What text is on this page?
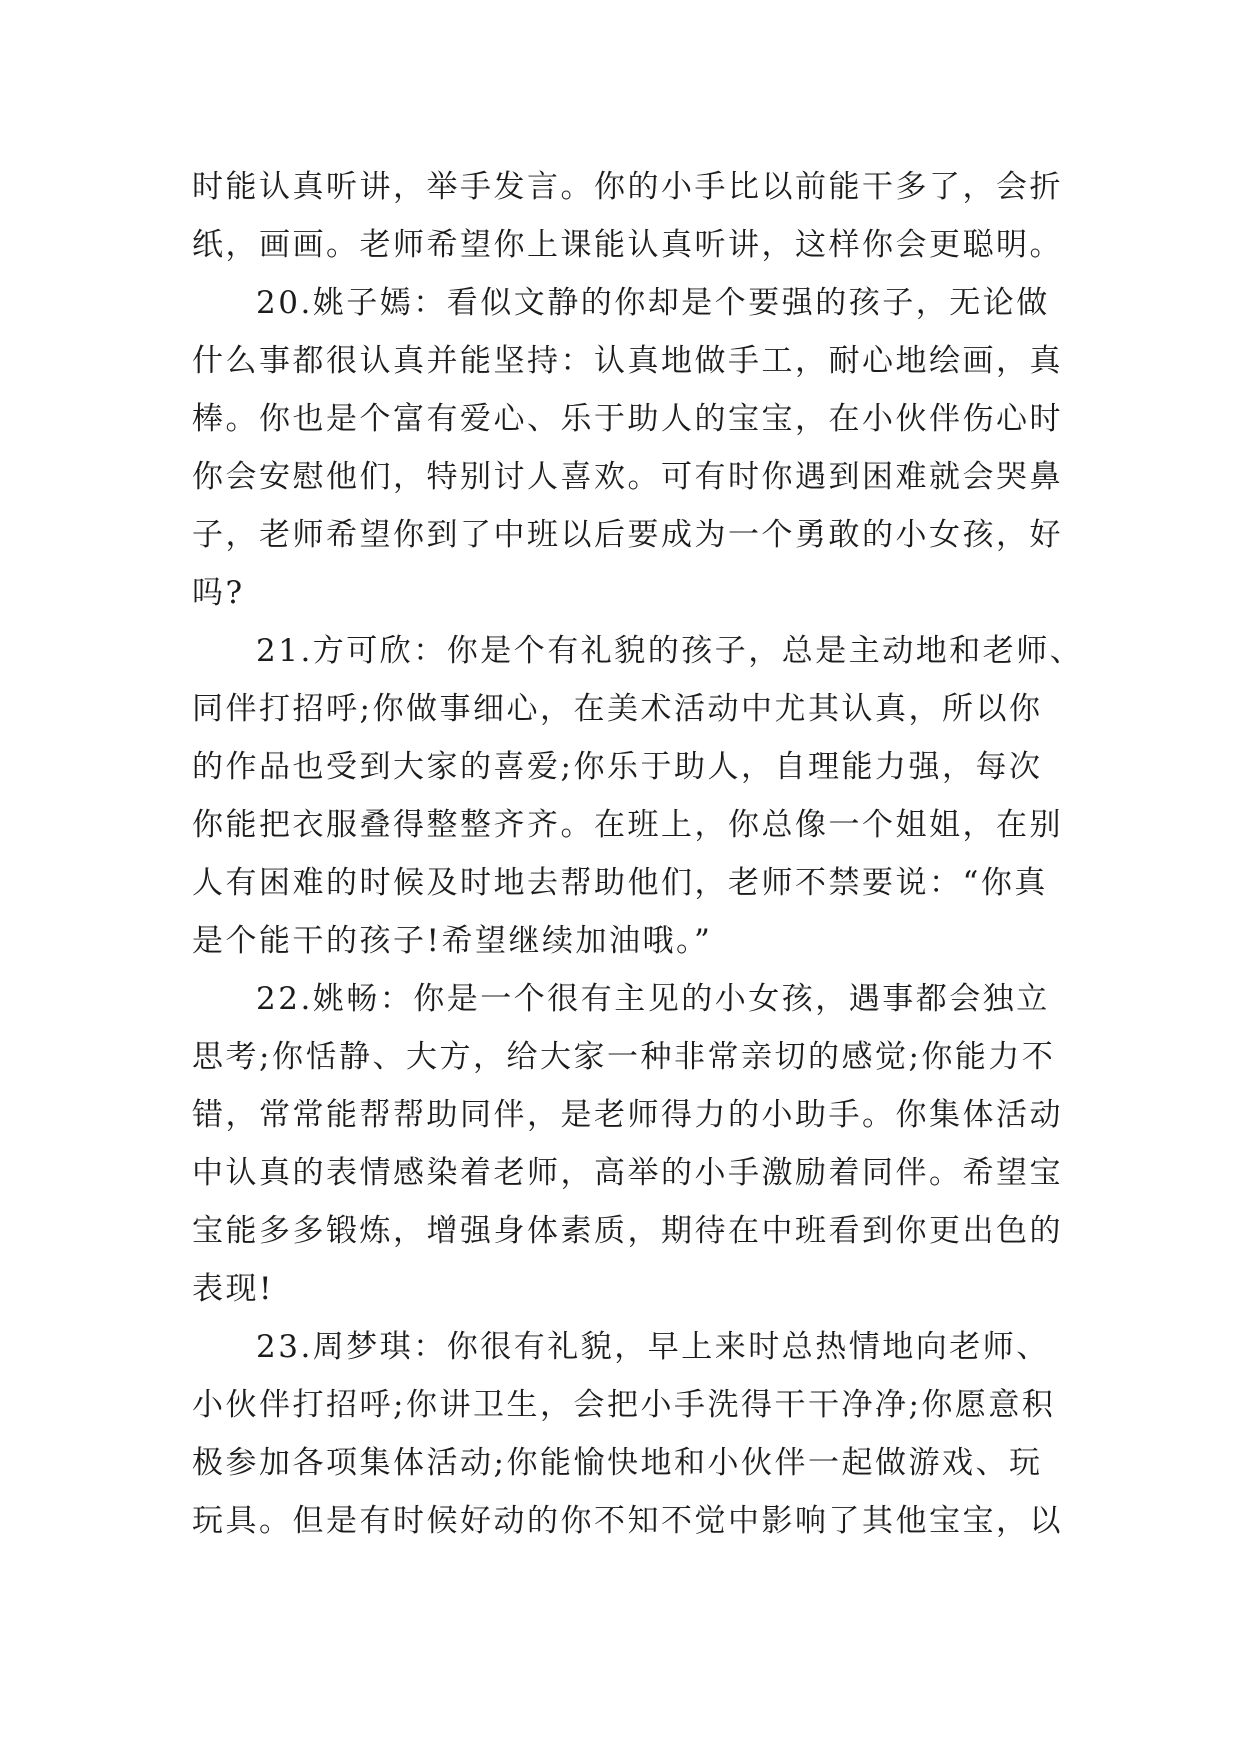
时能认真听讲，举手发言。你的小手比以前能干多了，会折
纸，画画。老师希望你上课能认真听讲，这样你会更聪明。
20.姚子嫣：看似文静的你却是个要强的孩子，无论做
什么事都很认真并能坚持：认真地做手工，耐心地绘画，真
棒。你也是个富有爱心、乐于助人的宝宝，在小伙伴伤心时
你会安慰他们，特别讨人喜欢。可有时你遇到困难就会哭鼻
子，老师希望你到了中班以后要成为一个勇敢的小女孩，好
吗?
21.方可欣：你是个有礼貌的孩子，总是主动地和老师、
同伴打招呼;你做事细心，在美术活动中尤其认真，所以你
的作品也受到大家的喜爱;你乐于助人，自理能力强，每次
你能把衣服叠得整整齐齐。在班上，你总像一个姐姐，在别
人有困难的时候及时地去帮助他们，老师不禁要说：“你真
是个能干的孩子!希望继续加油哦。”
22.姚畅：你是一个很有主见的小女孩，遇事都会独立
思考;你恬静、大方，给大家一种非常亲切的感觉;你能力不
错，常常能帮帮助同伴，是老师得力的小助手。你集体活动
中认真的表情感染着老师，高举的小手激励着同伴。希望宝
宝能多多锻炼，增强身体素质，期待在中班看到你更出色的
表现!
23.周梦琪：你很有礼貌，早上来时总热情地向老师、
小伙伴打招呼;你讲卫生，会把小手洗得干干净净;你愿意积
极参加各项集体活动;你能愉快地和小伙伴一起做游戏、玩
玩具。但是有时候好动的你不知不觉中影响了其他宝宝，以
